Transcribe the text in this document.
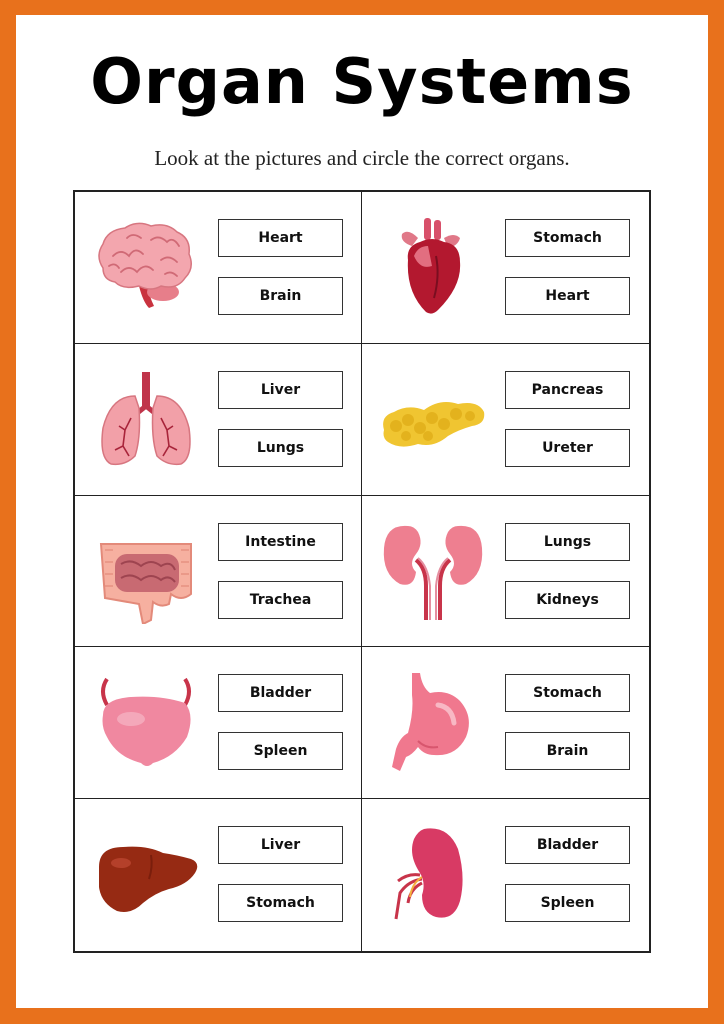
Organ Systems
Look at the pictures and circle the correct organs.
Heart
Brain
Stomach
Heart
Liver
Lungs
Pancreas
Ureter
Intestine
Trachea
Lungs
Kidneys
Bladder
Spleen
Stomach
Brain
Liver
Stomach
Bladder
Spleen
